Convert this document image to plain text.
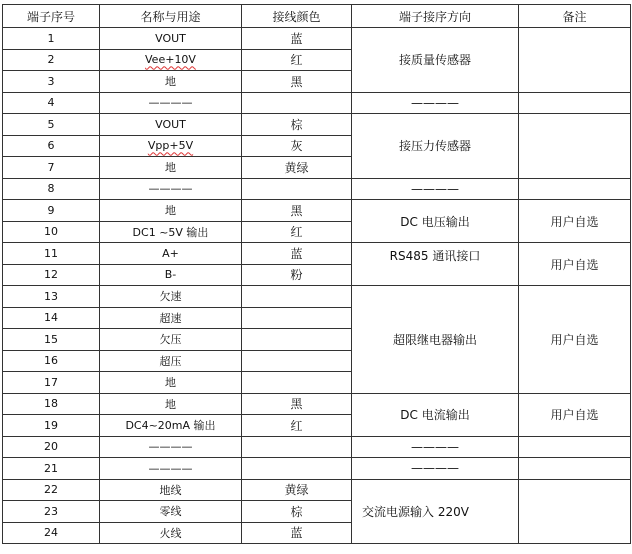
端子序号	名称与用途	接线颜色	端子接序方向	备注
1	VOUT	蓝	接质量传感器	
2	Vee+10V	红		
3	地	黑		
4	————		————	
5	VOUT	棕	接压力传感器	
6	Vpp+5V	灰		
7	地	黄绿		
8	————		————	
9	地	黑	DC 电压输出	用户自选
10	DC1 ~5V 输出	红		
11	A+	蓝	RS485 通讯接口	用户自选
12	B-	粉		
13	欠速		超限继电器输出	用户自选
14	超速			
15	欠压			
16	超压			
17	地			
18	地	黑	DC 电流输出	用户自选
19	DC4~20mA 输出	红		
20	————		————	
21	————		————	
22	地线	黄绿	交流电源输入 220V	
23	零线	棕		
24	火线	蓝		
